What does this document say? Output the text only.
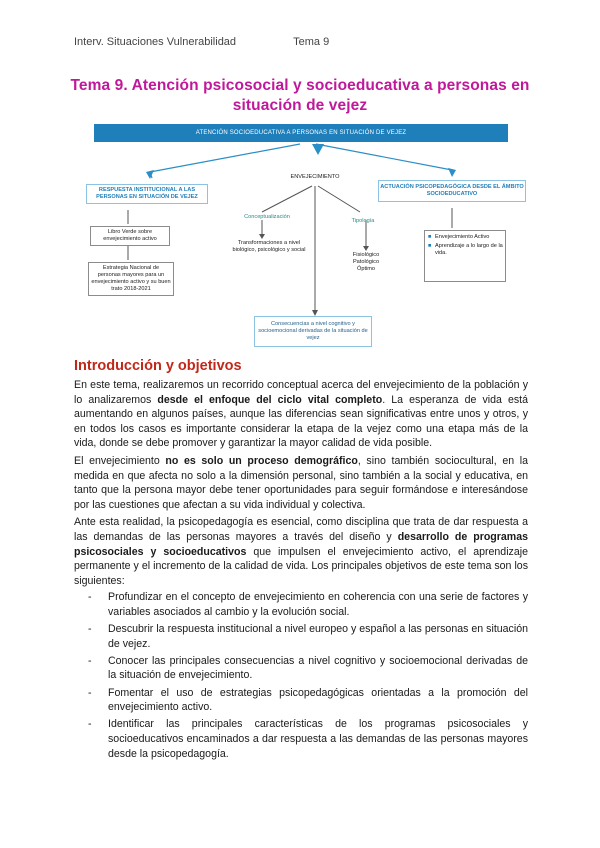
Interv. Situaciones Vulnerabilidad	Tema 9
Tema 9. Atención psicosocial y socioeducativa a personas en situación de vejez
ATENCIÓN SOCIOEDUCATIVA A PERSONAS EN SITUACIÓN DE VEJEZ
RESPUESTA INSTITUCIONAL A LAS PERSONAS EN SITUACIÓN DE VEJEZ
Libro Verde sobre envejecimiento activo
Estrategia Nacional de personas mayores para un envejecimiento activo y su buen trato 2018-2021
ENVEJECIMIENTO
Conceptualización
Transformaciones a nivel biológico, psicológico y social
Tipología
Fisiológico Patológico Óptimo
Consecuencias a nivel cognitivo y socioemocional derivadas de la situación de vejez
ACTUACIÓN PSICOPEDAGÓGICA DESDE EL ÁMBITO SOCIOEDUCATIVO
■ Envejecimiento Activo
■ Aprendizaje a lo largo de la vida.
Introducción y objetivos

En este tema, realizaremos un recorrido conceptual acerca del envejecimiento de la población y lo analizaremos desde el enfoque del ciclo vital completo. La esperanza de vida está aumentando en algunos países, aunque las diferencias sean significativas entre unos y otros, y en todos los casos es importante considerar la etapa de la vejez como una etapa más de la vida, donde se debe promover y garantizar la mayor calidad de vida posible.

El envejecimiento no es solo un proceso demográfico, sino también sociocultural, en la medida en que afecta no solo a la dimensión personal, sino también a la social y educativa, en tanto que la persona mayor debe tener oportunidades para seguir formándose e interesándose por las cuestiones que afectan a su vida individual y colectiva.

Ante esta realidad, la psicopedagogía es esencial, como disciplina que trata de dar respuesta a las demandas de las personas mayores a través del diseño y desarrollo de programas psicosociales y socioeducativos que impulsen el envejecimiento activo, el aprendizaje permanente y el incremento de la calidad de vida. Los principales objetivos de este tema son los siguientes:

- Profundizar en el concepto de envejecimiento en coherencia con una serie de factores y variables asociados al cambio y la evolución social.
- Descubrir la respuesta institucional a nivel europeo y español a las personas en situación de vejez.
- Conocer las principales consecuencias a nivel cognitivo y socioemocional derivadas de la situación de envejecimiento.
- Fomentar el uso de estrategias psicopedagógicas orientadas a la promoción del envejecimiento activo.
- Identificar las principales características de los programas psicosociales y socioeducativos encaminados a dar respuesta a las demandas de las personas mayores desde la psicopedagogía.
